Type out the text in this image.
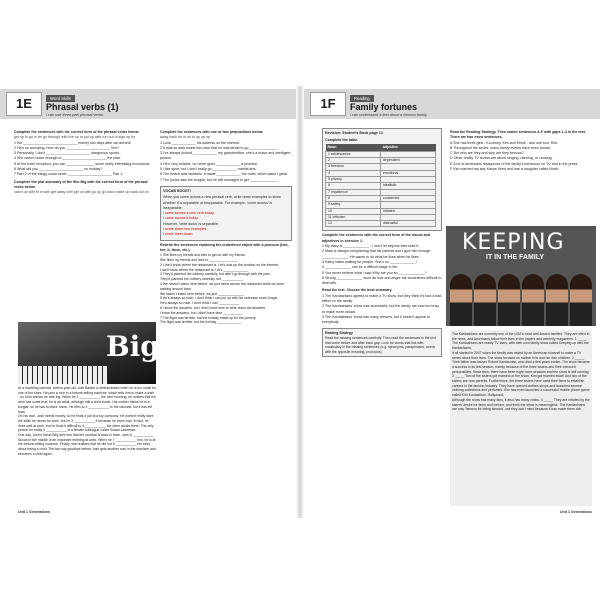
1E	Word Skills
Phrasal verbs (1)
I can use three-part phrasal verbs.
Complete the sentences with the correct form of the phrasal verbs below.
get up to go in for go through with live up to put up with run out of sign up for
1 We ___________________________ money two days after we arrived!
2 He's so annoying. How do you ______________________ him?
3 Personally, I don't ______________________ dangerous sports.
4 She wasn't brave enough to ______________________ the plan.
5 At the hotel reception, you can ______________ some really interesting excursions.
6 What did you ______________________ on holiday?
7 Part 2 of the trilogy could never ______________________ Part 1.
Complete the plot summary of the film Big with the correct form of the phrasal verbs below.
catch up with fit in with get away with get on with go up go back make up walk out on
Big

At a travelling carnival, twelve-year-old Josh Baskin is embarrassed when he is too small for one of the rides. He puts a coin in a fortune-telling machine, which tells him to make a wish - so Josh wishes he was big. When he 1 ___________ the next morning, he notices that his wish has come true: he is an adult, although still a child inside. His mother thinks he is a burglar, so he has to leave home. He tries to 2 ___________ to the carnival, but it has left town.

On his own, Josh needs money, so he finds a job at a toy company. He doesn't really have the skills he needs for work, but he 3 ___________ it because he loves toys. In fact, he does well at work, but he finds it difficult to 4 ___________ the other adults there. The only person he really 5 ___________ is a female colleague called Susan Lawrence.

One day, Josh's friend Billy tells him that the carnival is back in town. Josh 6 ___________ Susan in the middle of an important meeting at work. When he 7 ___________ him, he is at the fortune-telling machine. Finally, she realises that he did not 8 ___________ the story about being a child. The two say goodbye before Josh gets another coin in the machine and becomes a child again.

Complete the sentences with one or two prepositions below.
away back for in on to up up up
1 Look ____________ his address on the internet.
2 It was so dark inside the cave that he was afraid to go ______________.
3 I've always looked ____________ my grandmother, she's a brave and intelligent person.
4 He's very reliable; he never goes ____________ a promise.
5 I like sport, but I don't really go ____________ martial arts.
6 The beach was fantastic. It made ____________ the hotel, which wasn't great.
7 The police saw the burglar, but he still managed to get ______________.
VOCAB BOOST!
When you come across a new phrasal verb, write down examples to show whether it is separable or inseparable. For example, 'come across' is inseparable:
I came across a new verb today.
I came across it today.
However, 'write down' is separable:
I wrote down two examples.
I wrote them down.
Rewrite the sentences replacing the underlined object with a pronoun (him, her, it, them, etc.).
1 She likes my friends and tries to get on with my friends.
She likes my friends and tries to _______________
2 I don't know where the restaurant is. Let's look up the location on the internet.
I don't know where the restaurant is. Let's _____________
3 They'd planned the robbery carefully, but didn't go through with the plan.
They'd planned the robbery carefully, but ___________
4 We haven't eaten here before, we just came across the restaurant while we were walking around town.
We haven't eaten here before, we just ______________
5 He's always so rude, I don't think I can put up with his rudeness much longer.
He's always so rude, I don't think I can ___________
6 I know the answers, but I didn't have time to write down the answers.
I know the answers, but I didn't have time __________
7 The flight was terrible, but the holiday made up for the journey.
The flight was terrible, but the holiday _____________
Unit 1 Generations
1F	Reading
Family fortunes
I can understand a text about a famous family.
Revision: Student's Book page 14
Complete the table.
Noun	Adjective
1 adolescence	
2	dependent
3 freedom	
4	emotional
5 privacy	
6	idealistic
7 impatience	
8	concerned
9 safety	
10	irritated
11 criticism	
12	distrustful
Complete the sentences with the correct form of the nouns and adjectives in exercise 1.
1 My diary is _____________ - I don't let anyone else read it.
2 Mark is always complaining that his parents don't give him enough _____________. He wants to do what he likes when he likes.
3 Kathy hates waiting for people. She's so _____________!
4 _____________ can be a difficult stage in life.
5 You never believe what I say! Why are you so _____________?
6 Strong _____________ such as love and anger are sometimes difficult to deal with.
Read the text. Choose the best summary.
1 The Kardashians agreed to make a TV show, but they think it's had a bad effect on the family.
2 The Kardashians' show was successful, but the family are now too busy to make more shows.
3 The Kardashians' show has many viewers, but it doesn't appeal to everybody.
Reading Strategy
Read the missing sentences carefully. Then read the sentences in the text that come before and after each gap. Look for words that link with vocabulary in the missing sentences (e.g. synonyms, paraphrases, words with the opposite meaning, pronouns).
Read the Reading Strategy. Then match sentences A-F with gaps 1-4 in the text. There are two extra sentences.
A She has three girls - Kourtney, Kim and Khloé - and one son, Rob.
B Throughout the series, many family events have been shown.
C But who are they and why are they famous?
D Other reality TV shows are about singing, dancing, or cooking.
E A lot of Americans disapprove of the family's behaviour on TV and in the press.
F Kim married rap star Kanye West and has a daughter called North.
KEEPING
IT IN THE FAMILY

The Kardashians are currently one of the USA's most well-known families. They are often in the news, and Americans follow their lives in the papers and celebrity magazines. 1 _____ The Kardashians are reality TV stars, with their own family show called Keeping up with the Kardashians.

It all started in 2007 when the family was asked by an American channel to make a TV series about their lives. The show focused on mother Kris and her four children. 2 _____ Their father was lawyer Robert Kardashian, who died a few years earlier. The show became a success in its first season, mainly because of the three sisters and their extrovert personalities. Since then, there have been eight more seasons and the show is still running. 3 _____ Two of the sisters got married on the show; Kim got married twice! And two of the sisters are now parents. Furthermore, the three sisters have used their fame to establish careers in the fashion industry. They have opened clothes shops and launched several clothing collections and perfumes. Kim has even launched a successful mobile phone game called Kim Kardashian: Hollywood.

Although the show has many fans, it also has many critics. 4 _____ They are irritated by the sisters' desire for fame and fortune, and think the show is meaningless. The Kardashians are only 'famous for being famous', but they don't mind because it has made them rich.

Unit 1 Generations
